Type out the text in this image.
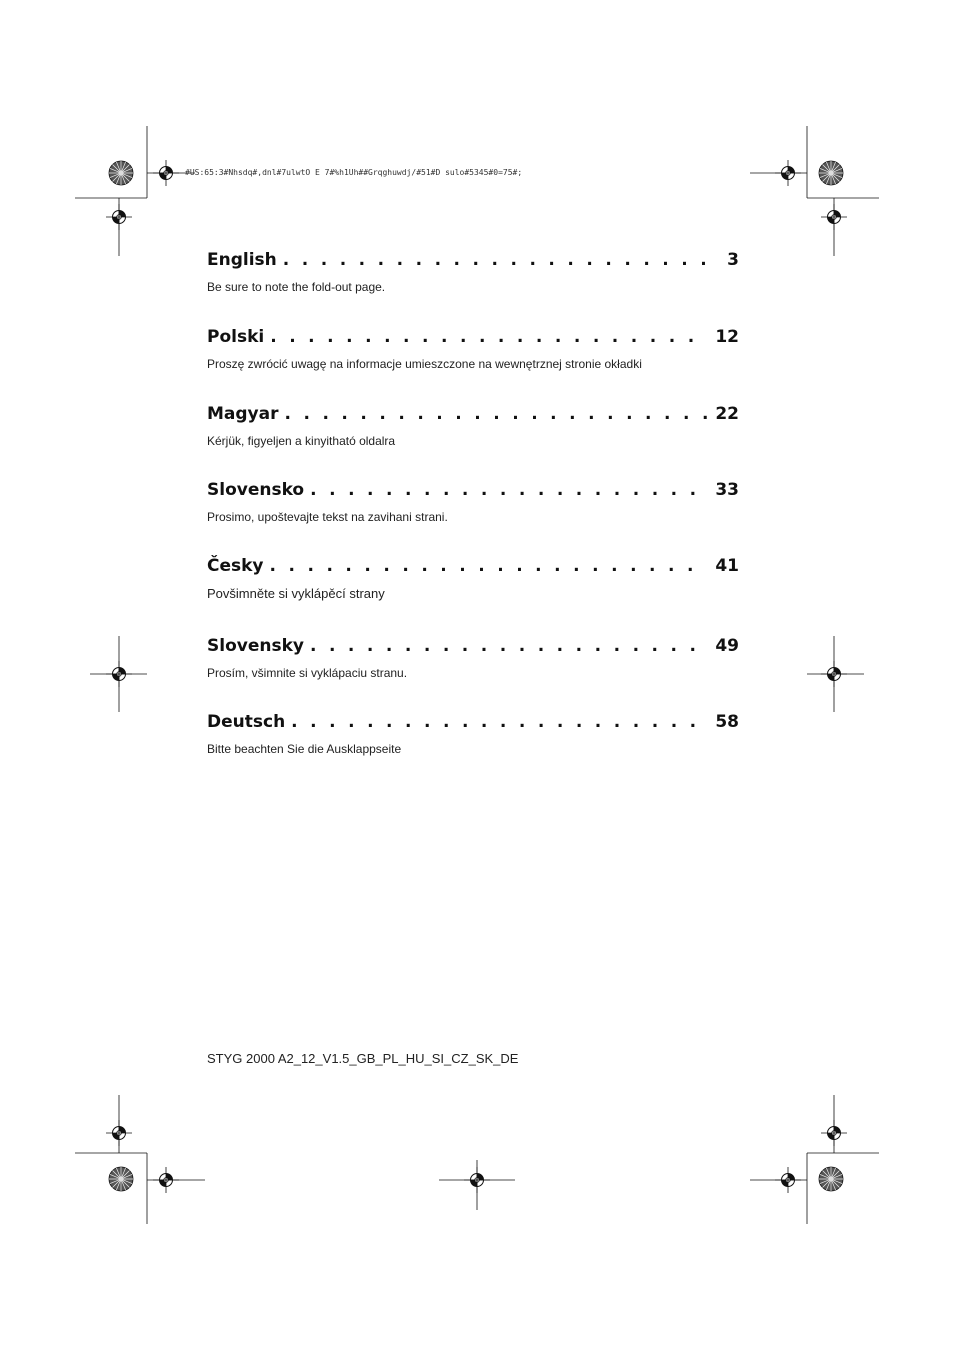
#US:65:3#Nhsdq#,dnl#7ulwtO E 7#%h1Uh##Grqghuwdj/#51#D sulo#5345#0=75#;
English . . .	3
Be sure to note the fold-out page.
Polski . . .	12
Proszę zwrócić uwagę na informacje umieszczone na wewnętrznej stronie okładki
Magyar . . .	22
Kérjük, figyeljen a kinyitható oldalra
Slovensko . . .	33
Prosimo, upoštevajte tekst na zavihani strani.
Česky . . .	41
Povšimněte si vyklápěcí strany
Slovensky . . .	49
Prosím, všimnite si vyklápaciu stranu.
Deutsch . . .	58
Bitte beachten Sie die Ausklappseite
STYG 2000 A2_12_V1.5_GB_PL_HU_SI_CZ_SK_DE
